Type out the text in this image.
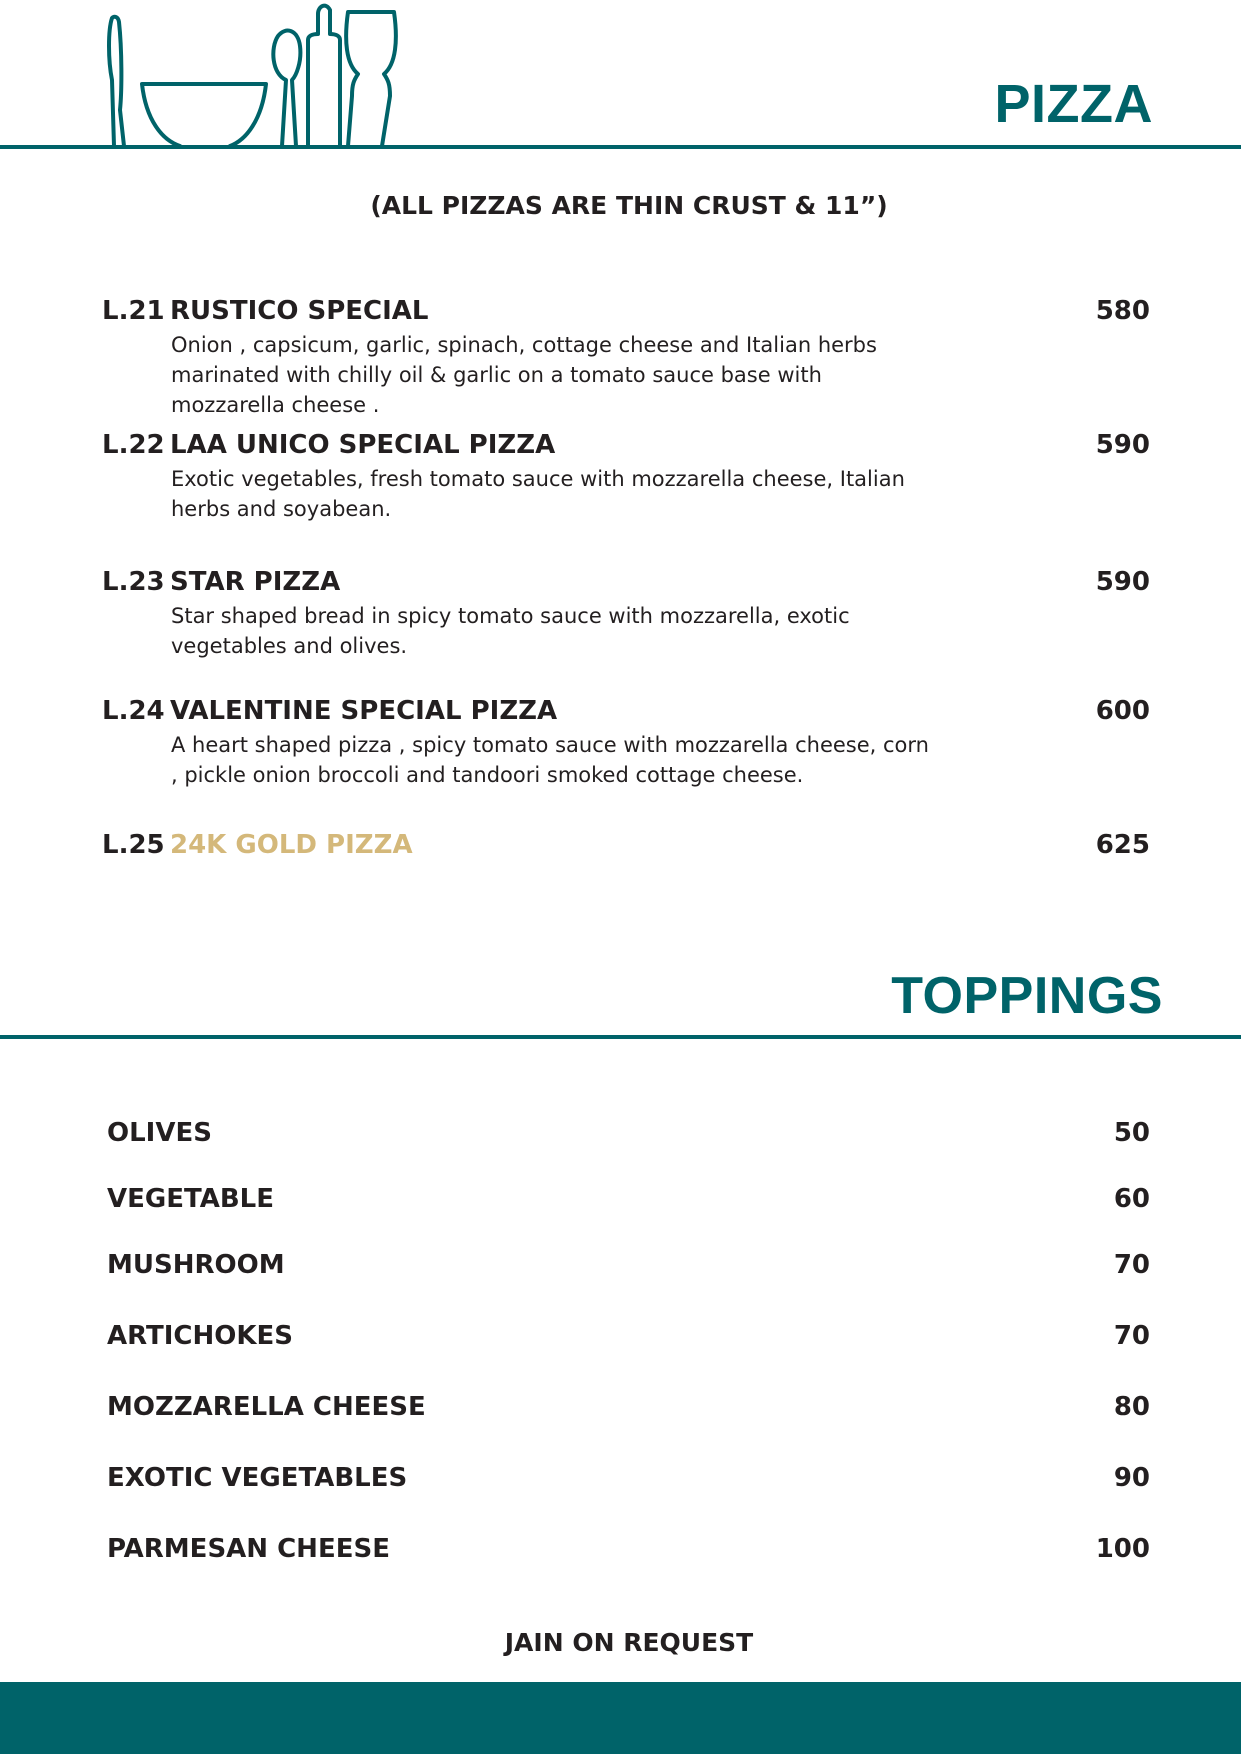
PIZZA
(ALL PIZZAS ARE THIN CRUST & 11”)
L.21 RUSTICO SPECIAL	580

Onion , capsicum, garlic, spinach, cottage cheese and Italian herbs marinated with chilly oil & garlic on a tomato sauce base with mozzarella cheese .

L.22 LAA UNICO SPECIAL PIZZA	590

Exotic vegetables, fresh tomato sauce with mozzarella cheese, Italian herbs and soyabean.

L.23 STAR PIZZA	590

Star shaped bread in spicy tomato sauce with mozzarella, exotic vegetables and olives.

L.24 VALENTINE SPECIAL PIZZA	600

A heart shaped pizza , spicy tomato sauce with mozzarella cheese, corn , pickle onion broccoli and tandoori smoked cottage cheese.

L.25 24K GOLD PIZZA	625
TOPPINGS
OLIVES	50
VEGETABLE	60
MUSHROOM	70
ARTICHOKES	70
MOZZARELLA CHEESE	80
EXOTIC VEGETABLES	90
PARMESAN CHEESE	100
JAIN ON REQUEST
